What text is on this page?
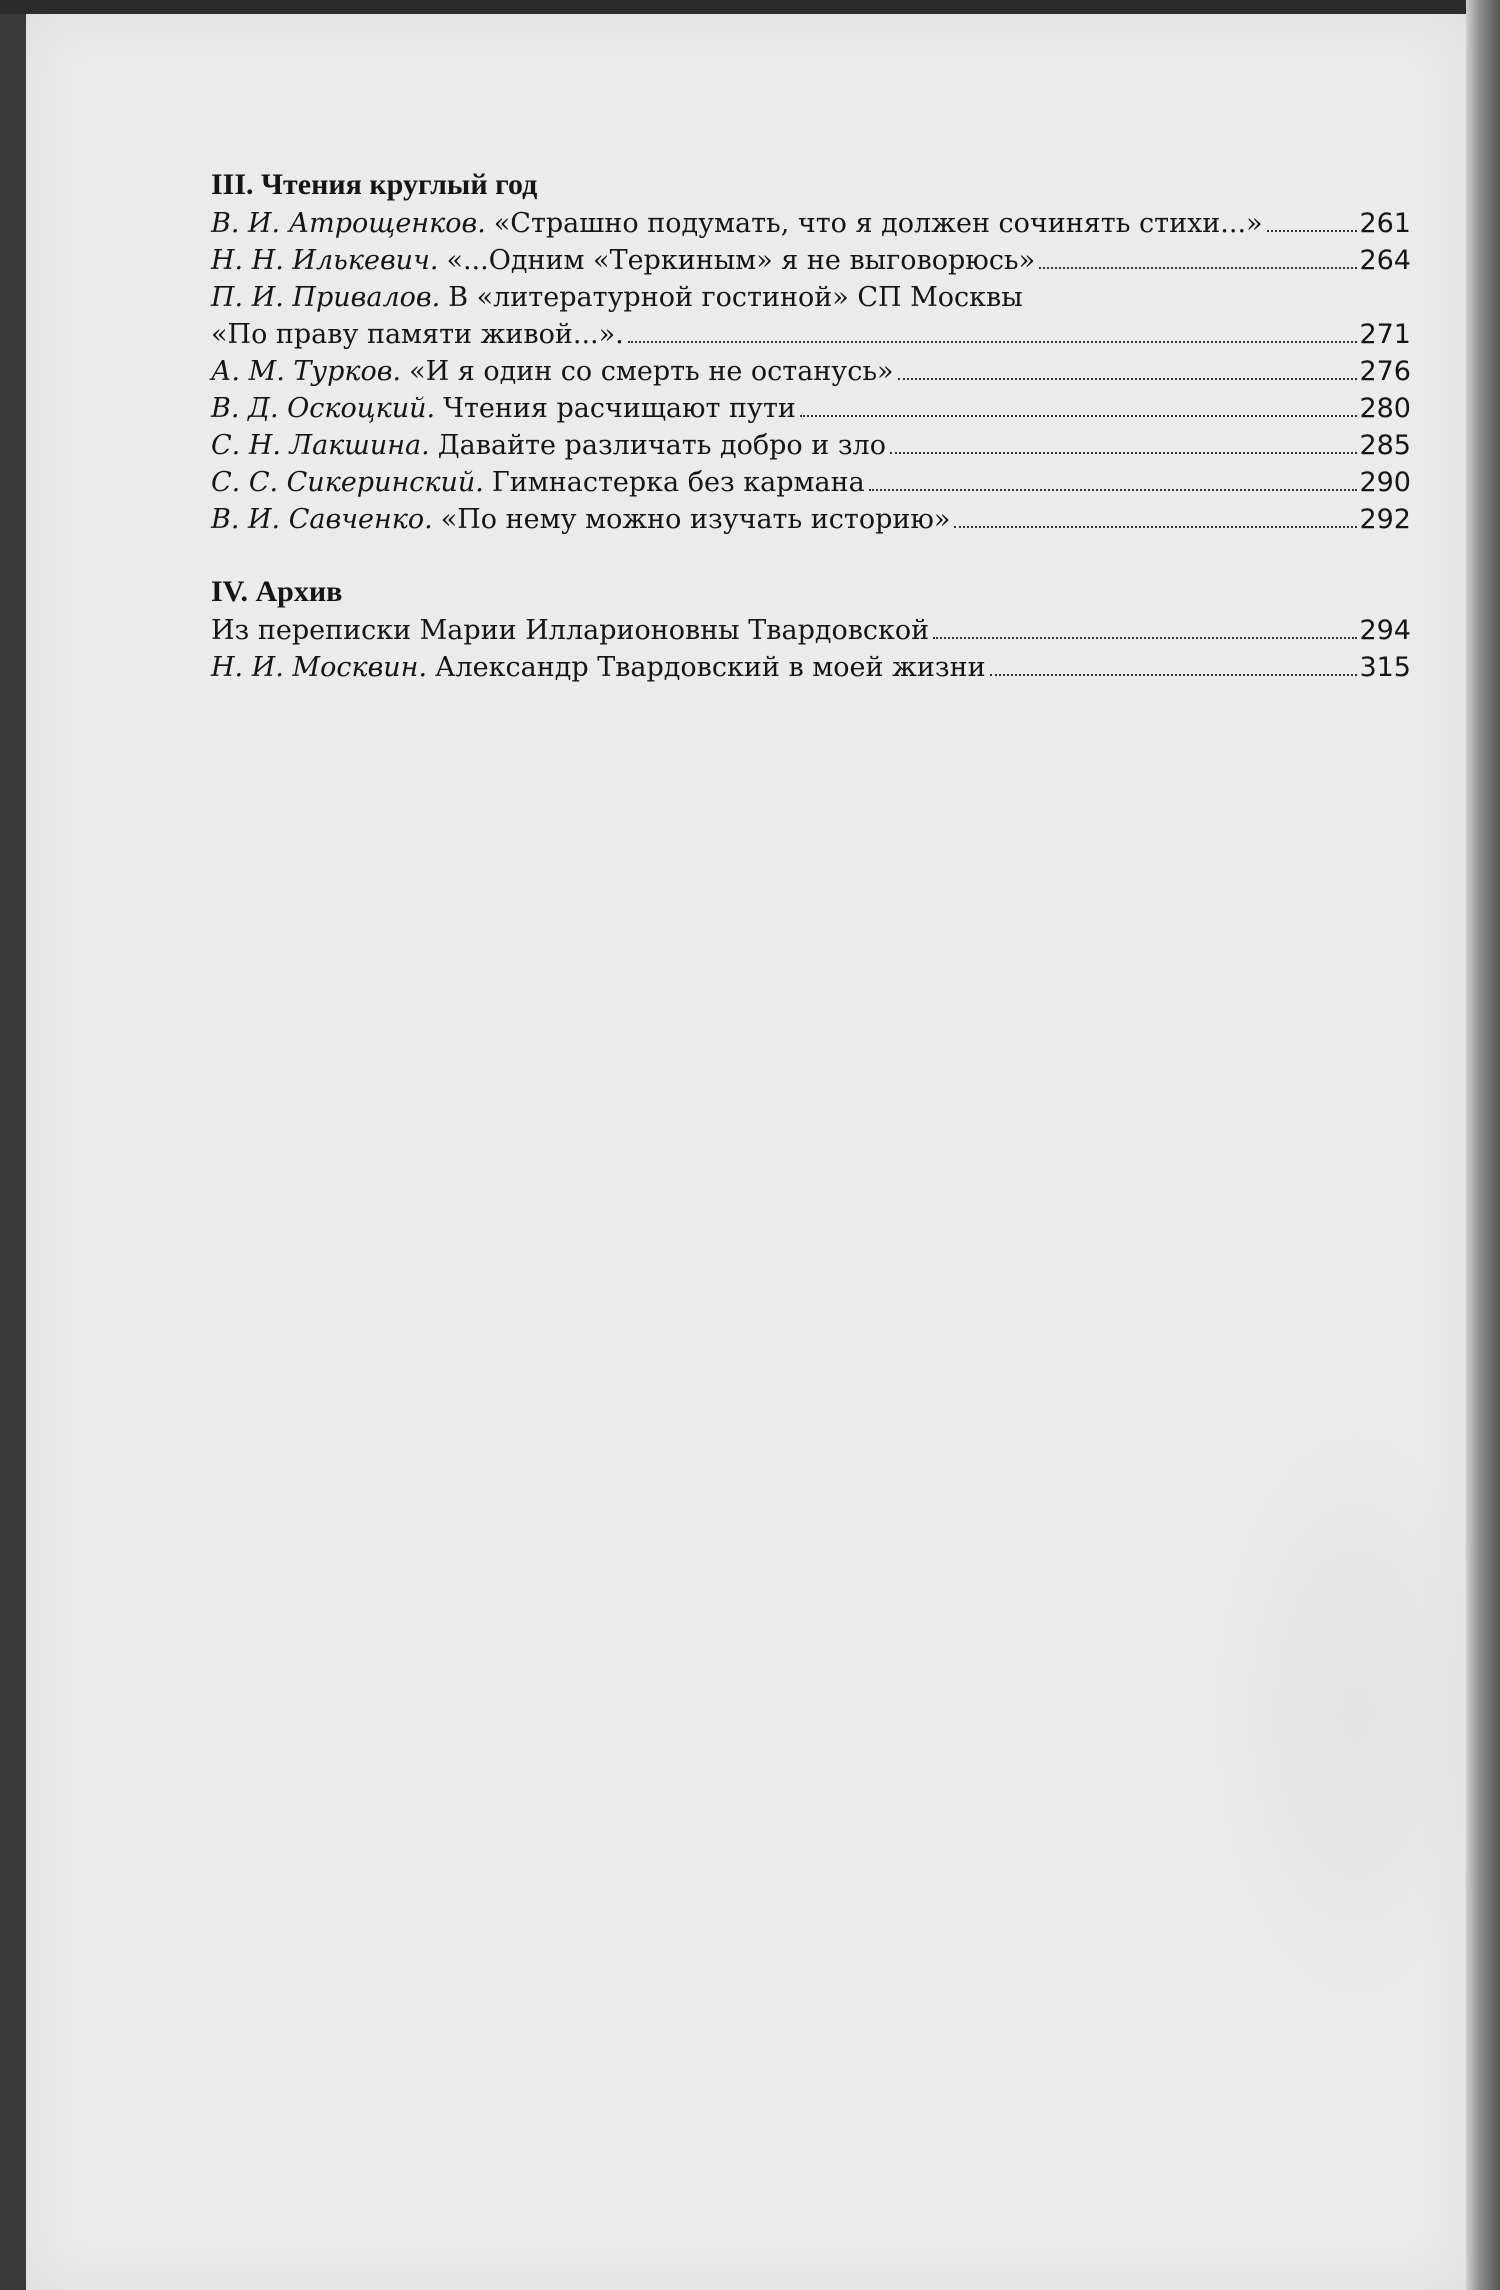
III. Чтения круглый год
В. И. Атрощенков. «Страшно подумать, что я должен сочинять стихи...»	261
Н. Н. Илькевич. «...Одним «Теркиным» я не выговорюсь»	264
П. И. Привалов. В «литературной гостиной» СП Москвы
«По праву памяти живой...».	271
А. М. Турков. «И я один со смерть не останусь»	276
В. Д. Оскоцкий. Чтения расчищают пути	280
С. Н. Лакшина. Давайте различать добро и зло	285
С. С. Сикеринский. Гимнастерка без кармана	290
В. И. Савченко. «По нему можно изучать историю»	292
IV. Архив
Из переписки Марии Илларионовны Твардовской	294
Н. И. Москвин. Александр Твардовский в моей жизни	315
